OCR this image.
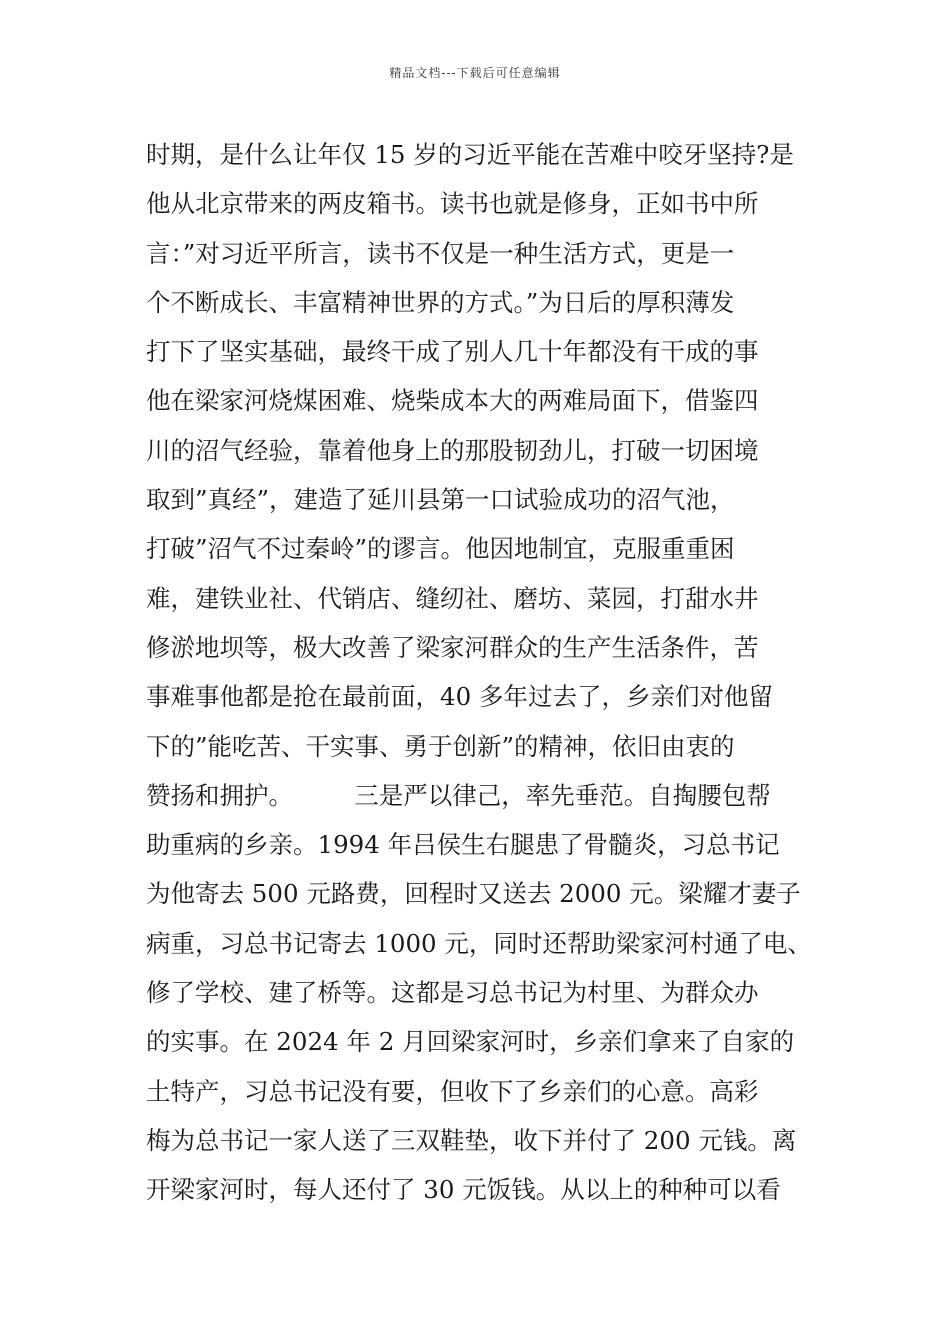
精品文档---下载后可任意编辑
时期，是什么让年仅 15 岁的习近平能在苦难中咬牙坚持?是
他从北京带来的两皮箱书。读书也就是修身，正如书中所
言：”对习近平所言，读书不仅是一种生活方式，更是一
个不断成长、丰富精神世界的方式。”为日后的厚积薄发
打下了坚实基础，最终干成了别人几十年都没有干成的事
他在梁家河烧煤困难、烧柴成本大的两难局面下，借鉴四
川的沼气经验，靠着他身上的那股韧劲儿，打破一切困境
取到”真经”，建造了延川县第一口试验成功的沼气池，
打破”沼气不过秦岭”的谬言。他因地制宜，克服重重困
难，建铁业社、代销店、缝纫社、磨坊、菜园，打甜水井
修淤地坝等，极大改善了梁家河群众的生产生活条件，苦
事难事他都是抢在最前面，40 多年过去了，乡亲们对他留
下的”能吃苦、干实事、勇于创新”的精神，依旧由衷的
赞扬和拥护。　　　三是严以律己，率先垂范。自掏腰包帮
助重病的乡亲。1994 年吕侯生右腿患了骨髓炎，习总书记
为他寄去 500 元路费，回程时又送去 2000 元。梁耀才妻子
病重，习总书记寄去 1000 元，同时还帮助梁家河村通了电、
修了学校、建了桥等。这都是习总书记为村里、为群众办
的实事。在 2024 年 2 月回梁家河时，乡亲们拿来了自家的
土特产，习总书记没有要，但收下了乡亲们的心意。高彩
梅为总书记一家人送了三双鞋垫，收下并付了 200 元钱。离
开梁家河时，每人还付了 30 元饭钱。从以上的种种可以看
